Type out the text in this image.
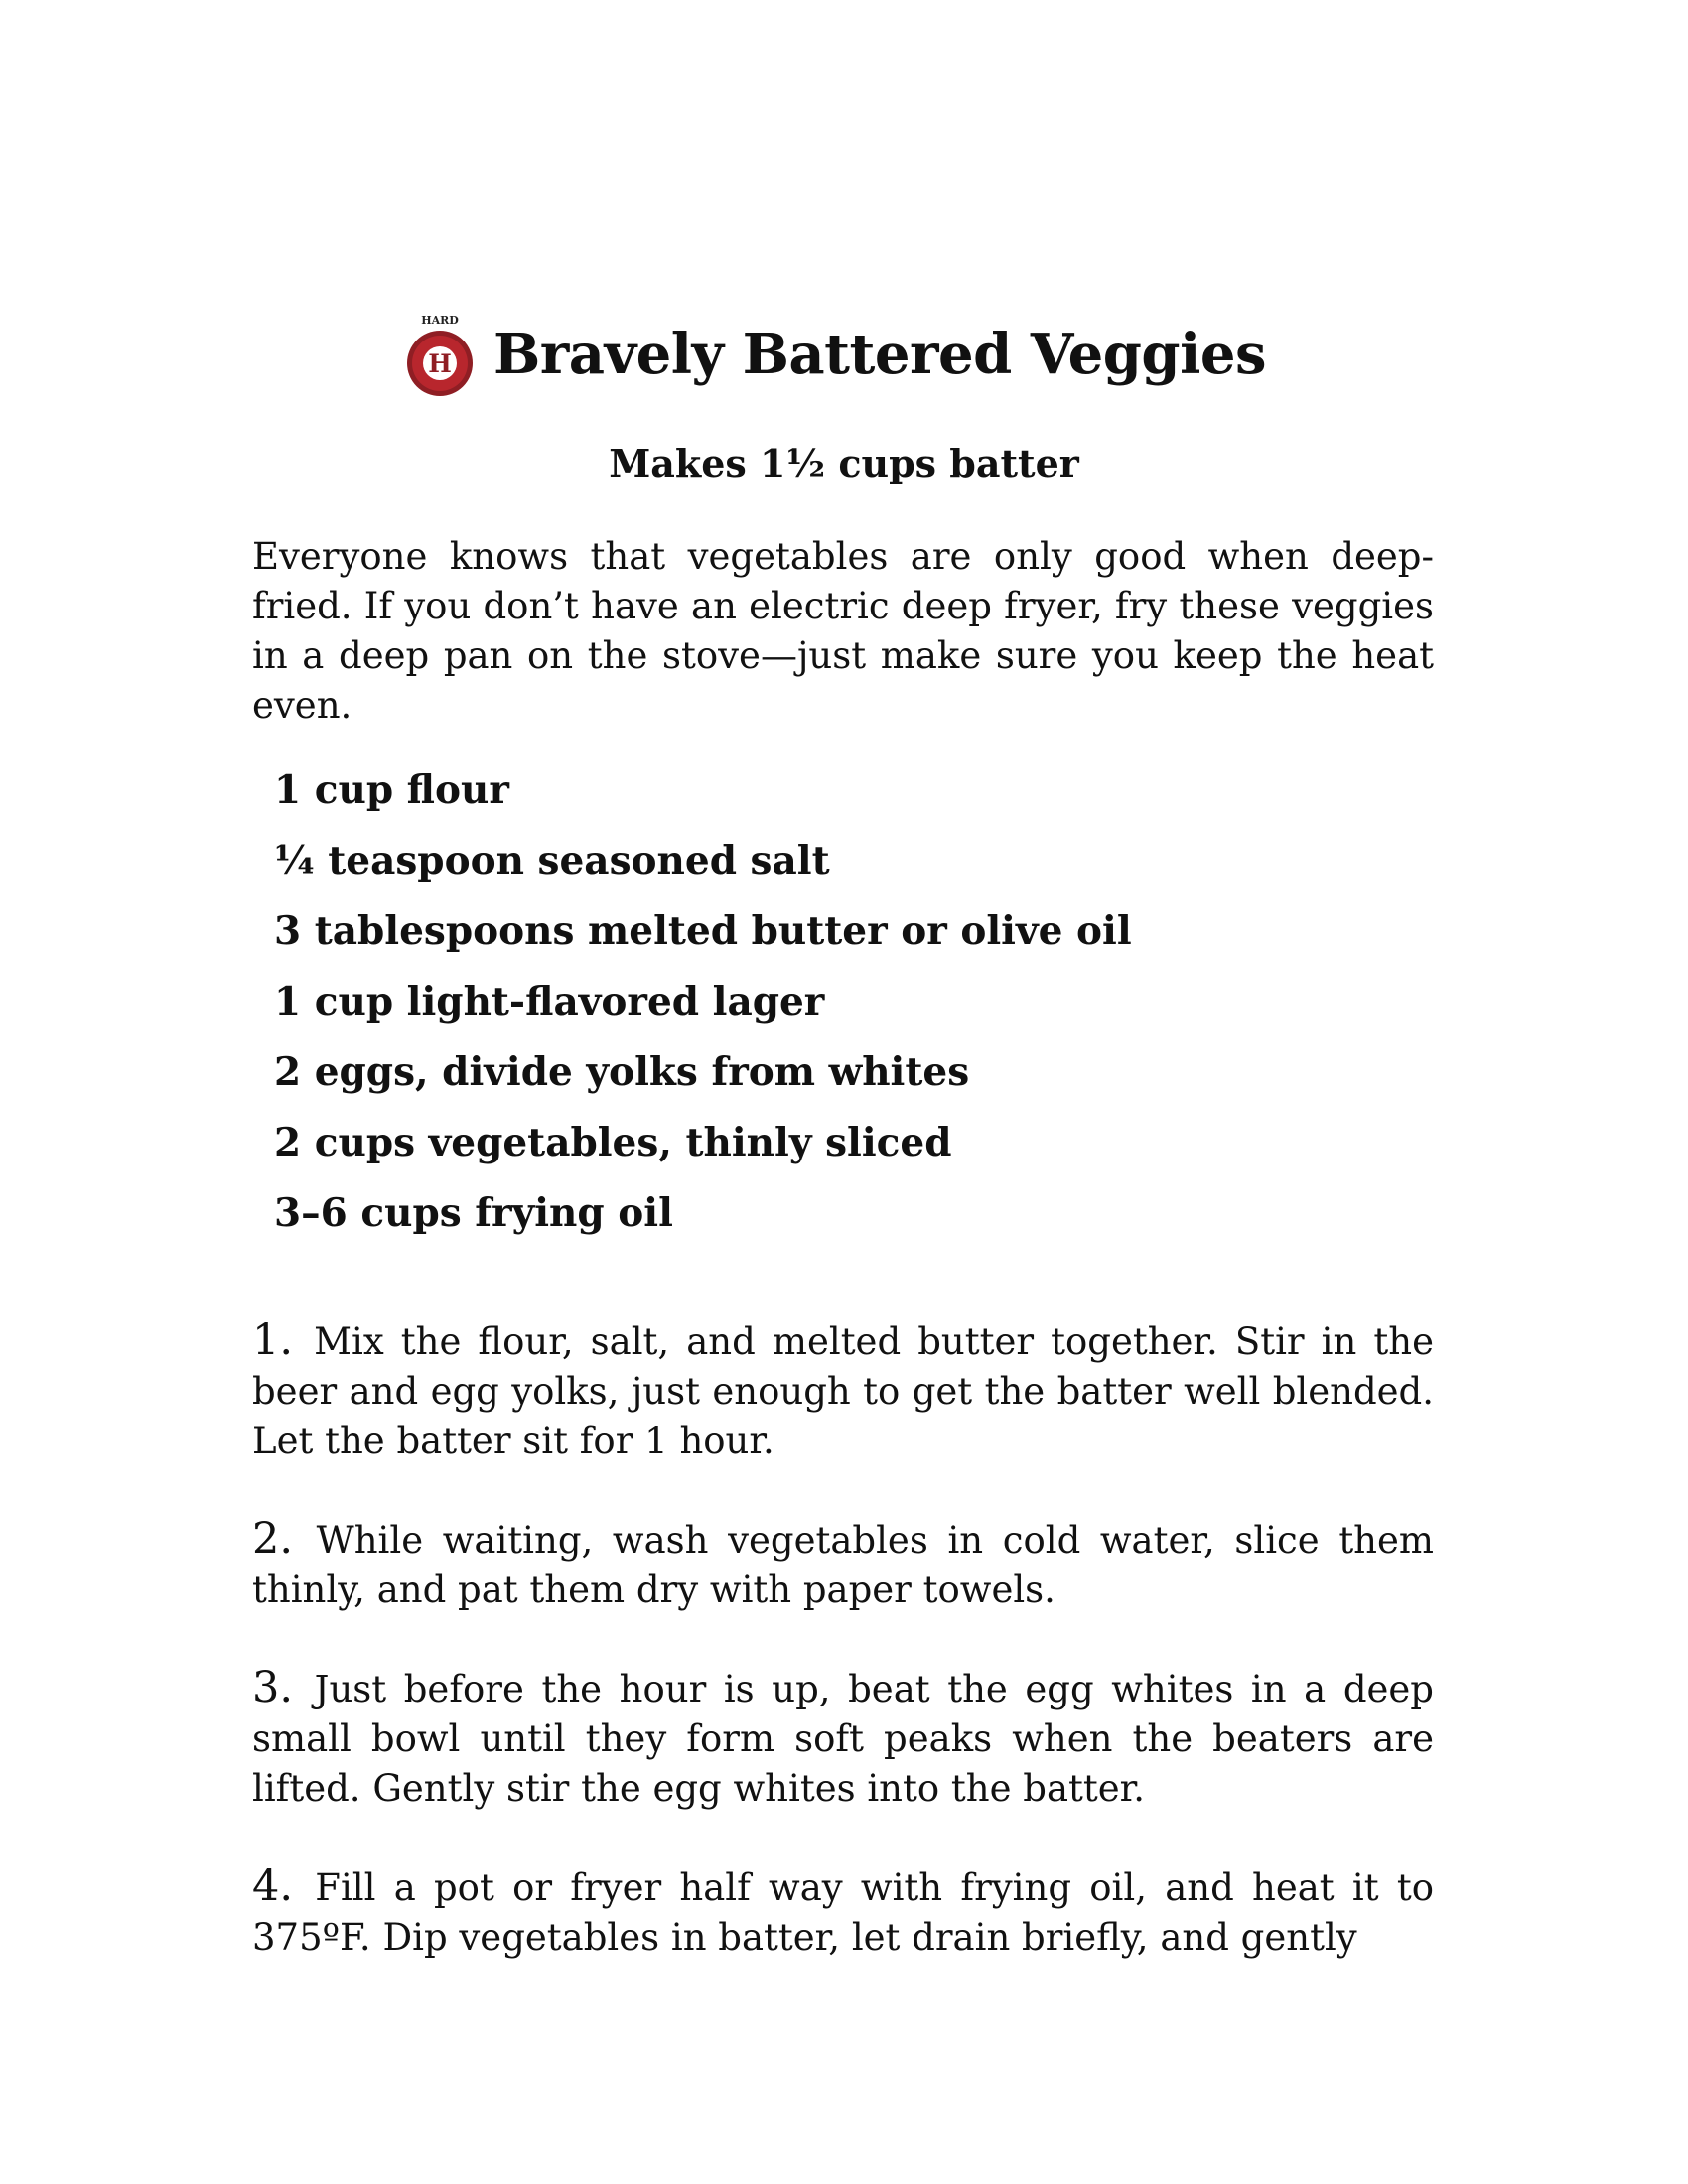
HARD
H Bravely Battered Veggies
Makes 1½ cups batter

Everyone knows that vegetables are only good when deep-fried. If you don’t have an electric deep fryer, fry these veggies in a deep pan on the stove—just make sure you keep the heat even.

1 cup flour
¼ teaspoon seasoned salt
3 tablespoons melted butter or olive oil
1 cup light-flavored lager
2 eggs, divide yolks from whites
2 cups vegetables, thinly sliced
3–6 cups frying oil

1. Mix the flour, salt, and melted butter together. Stir in the beer and egg yolks, just enough to get the batter well blended. Let the batter sit for 1 hour.

2. While waiting, wash vegetables in cold water, slice them thinly, and pat them dry with paper towels.

3. Just before the hour is up, beat the egg whites in a deep small bowl until they form soft peaks when the beaters are lifted. Gently stir the egg whites into the batter.

4. Fill a pot or fryer half way with frying oil, and heat it to 375ºF. Dip vegetables in batter, let drain briefly, and gently
